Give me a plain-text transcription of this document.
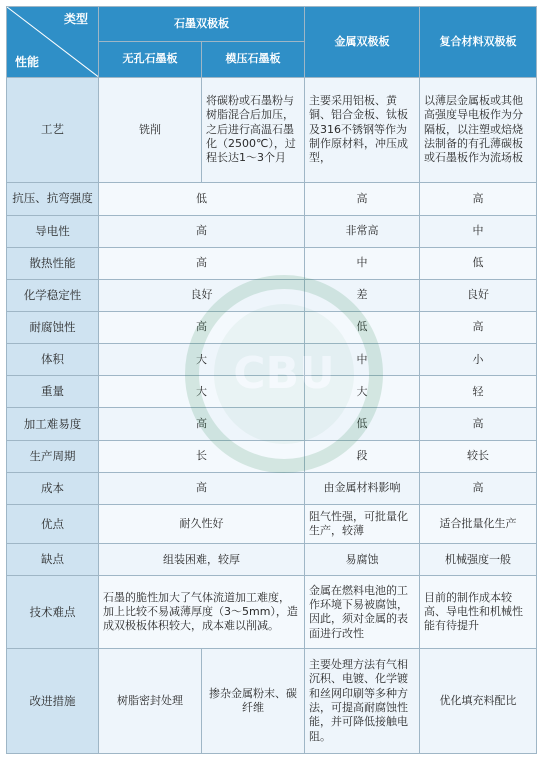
类型
性能	石墨双极板		金属双极板	复合材料双极板
	无孔石墨板	模压石墨板		
工艺	铣削	将碳粉或石墨粉与树脂混合后加压，之后进行高温石墨化（2500℃），过程长达1～3个月	主要采用铝板、黄铜、铝合金板、钛板及316不锈钢等作为制作原材料，冲压成型，	以薄层金属板或其他高强度导电板作为分隔板，以注塑或焙烧法制备的有孔薄碳板或石墨板作为流场板
抗压、抗弯强度	低		高	高
导电性	高		非常高	中
散热性能	高		中	低
化学稳定性	良好		差	良好
耐腐蚀性	高		低	高
体积	大		中	小
重量	大		大	轻
加工难易度	高		低	高
生产周期	长		段	较长
成本	高		由金属材料影响	高
优点	耐久性好		阻气性强，可批量化生产，较薄	适合批量化生产
缺点	组装困难，较厚		易腐蚀	机械强度一般
技术难点	石墨的脆性加大了气体流道加工难度，加上比较不易减薄厚度（3～5mm），造成双极板体积较大，成本难以削减。		金属在燃料电池的工作环境下易被腐蚀，因此，须对金属的表面进行改性	目前的制作成本较高、导电性和机械性能有待提升
改进措施	树脂密封处理	掺杂金属粉末、碳纤维	主要处理方法有气相沉积、电镀、化学镀和丝网印刷等多种方法，可提高耐腐蚀性能，并可降低接触电阻。	优化填充料配比
